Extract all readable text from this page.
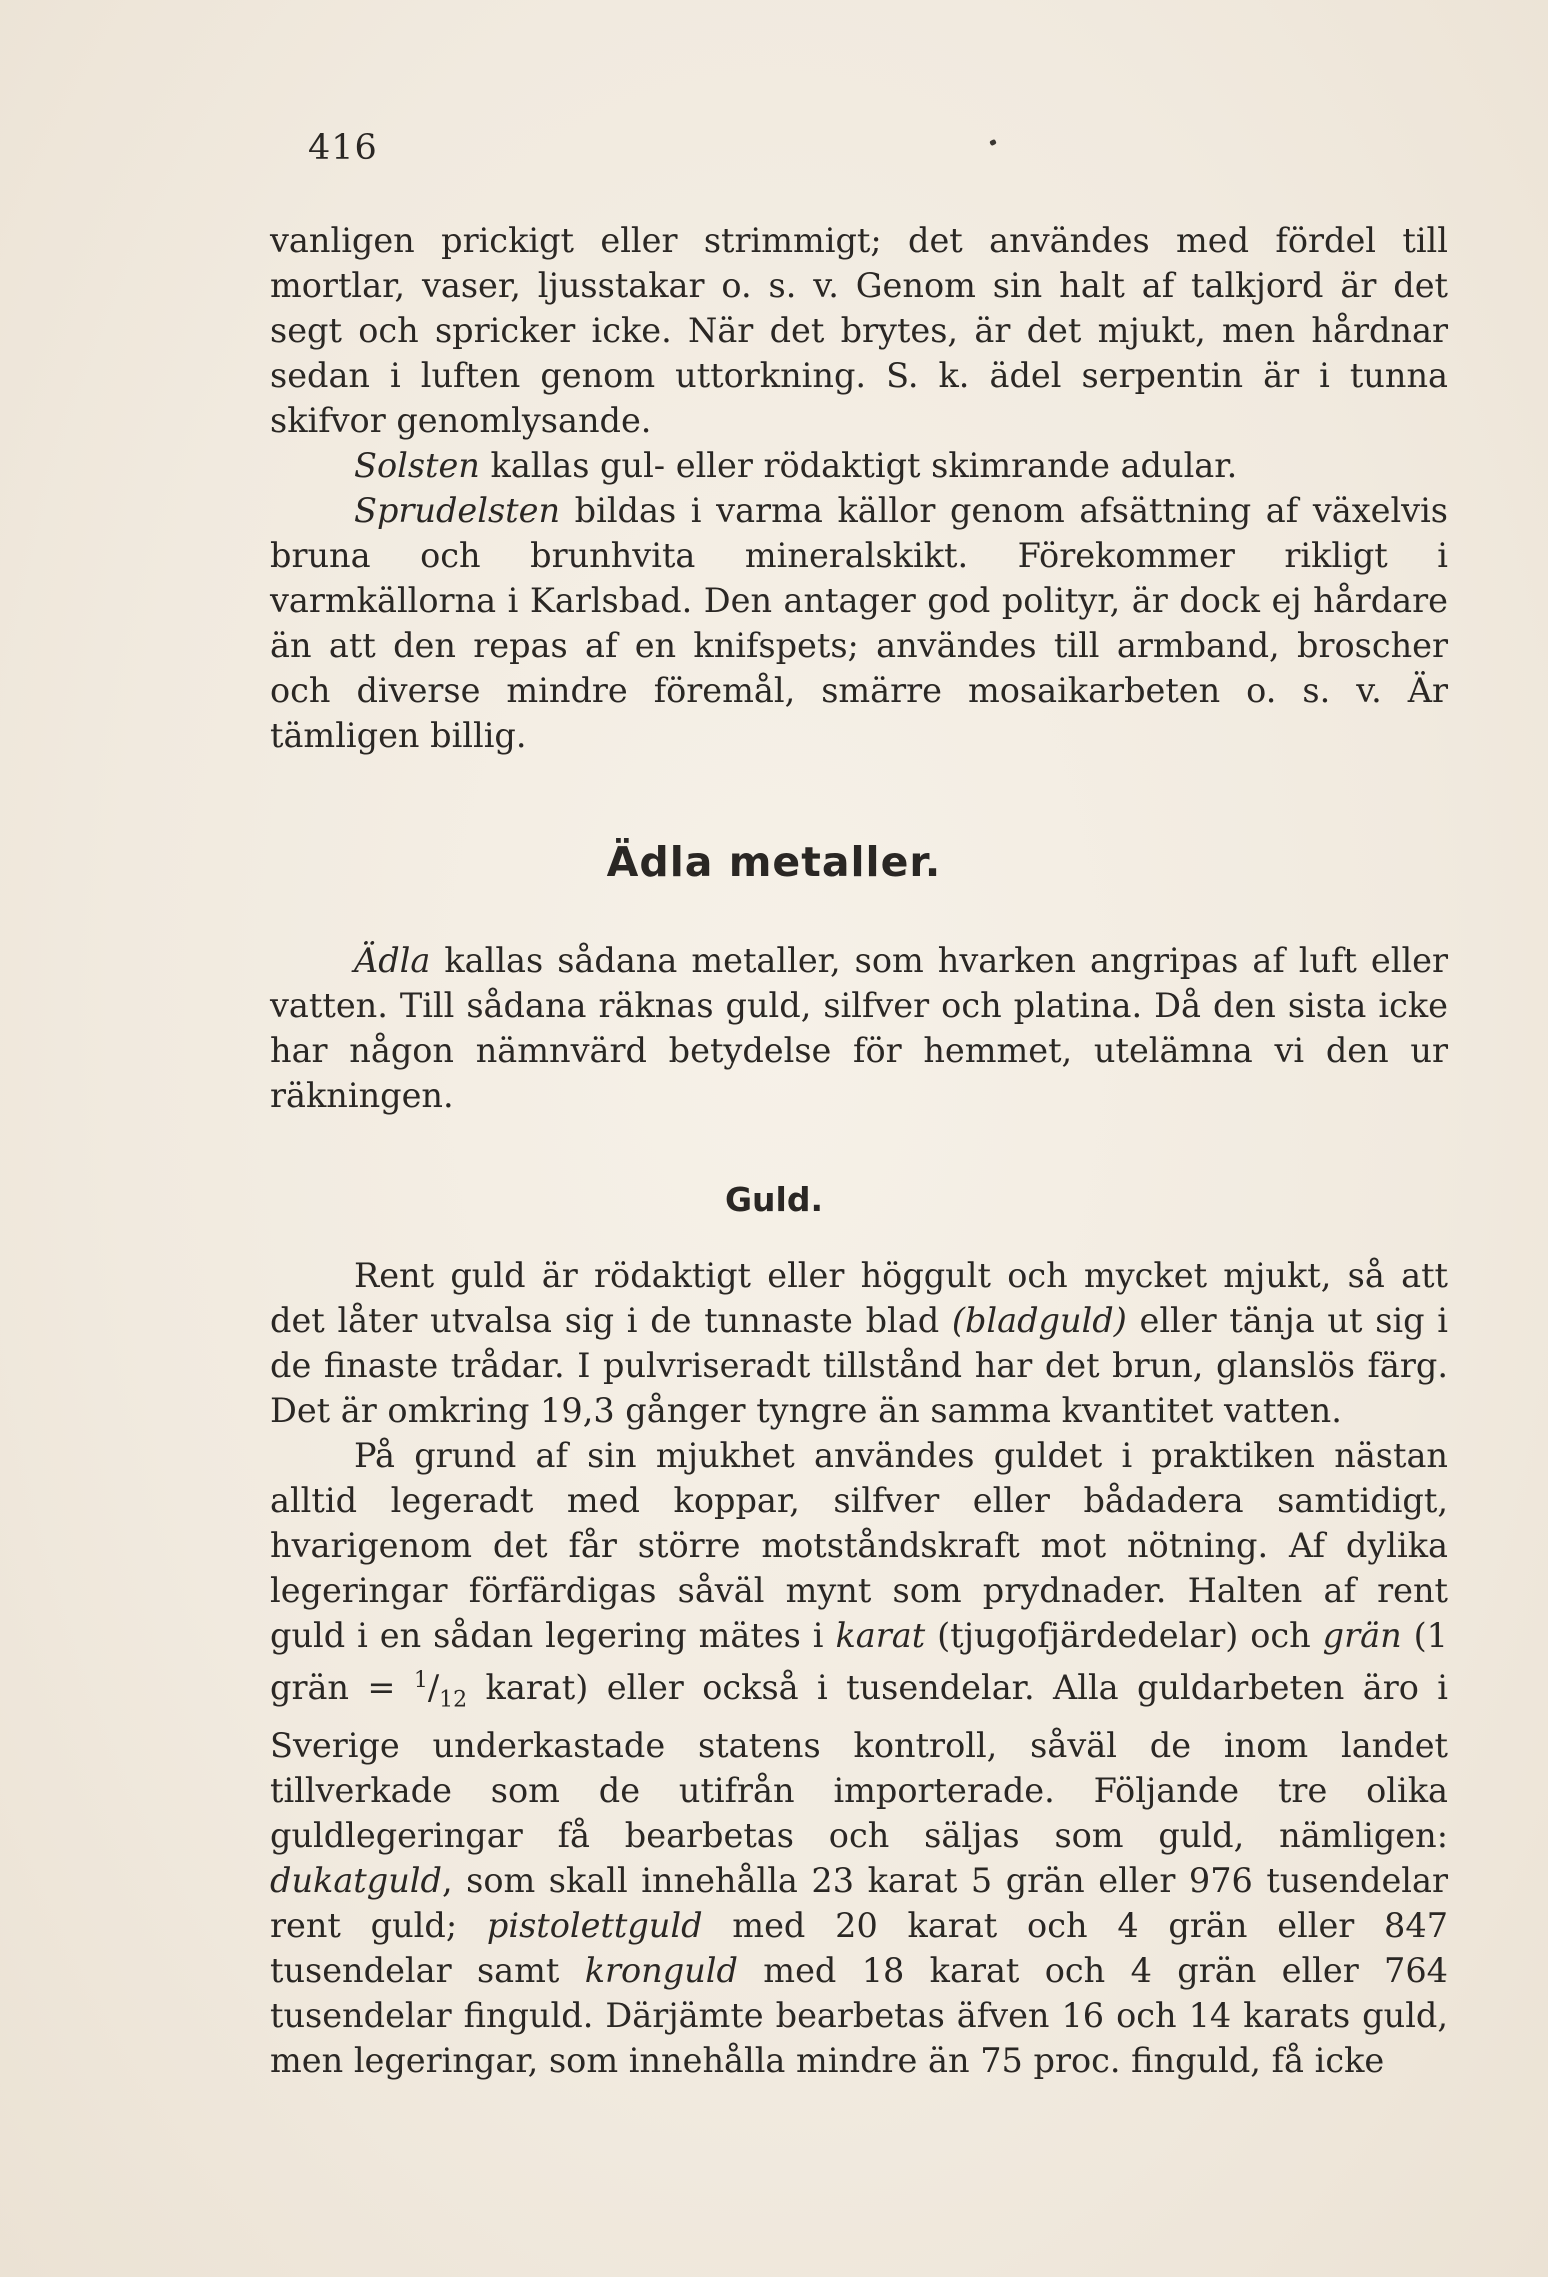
416

vanligen prickigt eller strimmigt; det användes med fördel till mortlar, vaser, ljusstakar o. s. v. Genom sin halt af talkjord är det segt och spricker icke. När det brytes, är det mjukt, men hårdnar sedan i luften genom uttorkning. S. k. ädel serpentin är i tunna skifvor genomlysande.

Solsten kallas gul- eller rödaktigt skimrande adular.

Sprudelsten bildas i varma källor genom afsättning af växelvis bruna och brunhvita mineralskikt. Förekommer rikligt i varmkällorna i Karlsbad. Den antager god polityr, är dock ej hårdare än att den repas af en knifspets; användes till armband, broscher och diverse mindre föremål, smärre mosaikarbeten o. s. v. Är tämligen billig.

Ädla metaller.

Ädla kallas sådana metaller, som hvarken angripas af luft eller vatten. Till sådana räknas guld, silfver och platina. Då den sista icke har någon nämnvärd betydelse för hemmet, utelämna vi den ur räkningen.

Guld.

Rent guld är rödaktigt eller höggult och mycket mjukt, så att det låter utvalsa sig i de tunnaste blad (bladguld) eller tänja ut sig i de finaste trådar. I pulvriseradt tillstånd har det brun, glanslös färg. Det är omkring 19,3 gånger tyngre än samma kvantitet vatten.

På grund af sin mjukhet användes guldet i praktiken nästan alltid legeradt med koppar, silfver eller bådadera samtidigt, hvarigenom det får större motståndskraft mot nötning. Af dylika legeringar förfärdigas såväl mynt som prydnader. Halten af rent guld i en sådan legering mätes i karat (tjugofjärdedelar) och grän (1 grän = $^1/_{12}$ karat) eller också i tusendelar. Alla guldarbeten äro i Sverige underkastade statens kontroll, såväl de inom landet tillverkade som de utifrån importerade. Följande tre olika guldlegeringar få bearbetas och säljas som guld, nämligen: dukatguld, som skall innehålla 23 karat 5 grän eller 976 tusendelar rent guld; pistolettguld med 20 karat och 4 grän eller 847 tusendelar samt kronguld med 18 karat och 4 grän eller 764 tusendelar finguld. Därjämte bearbetas äfven 16 och 14 karats guld, men legeringar, som innehålla mindre än 75 proc. finguld, få icke
